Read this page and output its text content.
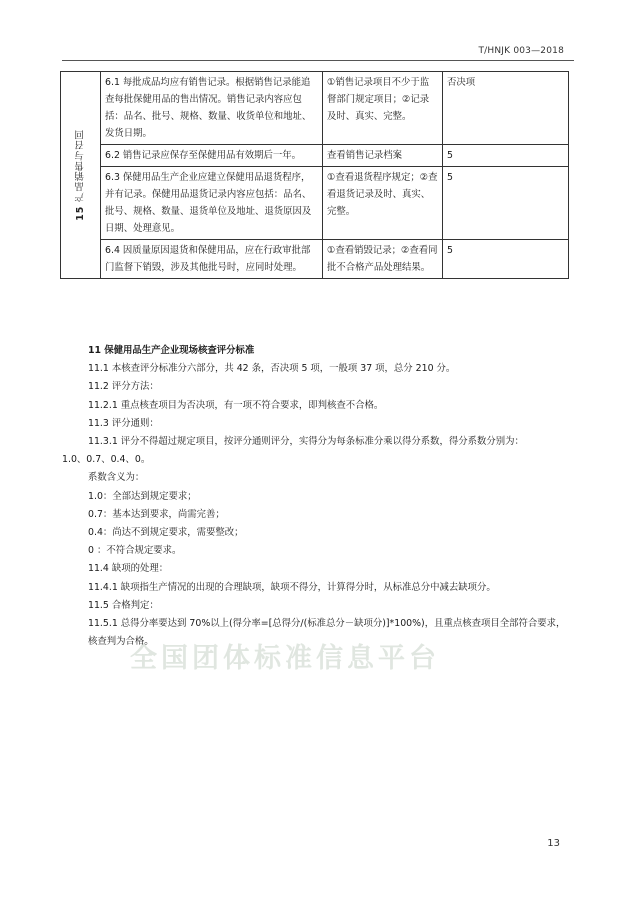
T/HNJK 003—2018
15 产品销售与召回	6.1 每批成品均应有销售记录。根据销售记录能追查每批保健用品的售出情况。销售记录内容应包括：品名、批号、规格、数量、收货单位和地址、发货日期。	①销售记录项目不少于监督部门规定项目；②记录及时、真实、完整。	否决项
	6.2 销售记录应保存至保健用品有效期后一年。	查看销售记录档案	5
	6.3 保健用品生产企业应建立保健用品退货程序，并有记录。保健用品退货记录内容应包括：品名、批号、规格、数量、退货单位及地址、退货原因及日期、处理意见。	①查看退货程序规定；②查看退货记录及时、真实、完整。	5
	6.4 因质量原因退货和保健用品，应在行政审批部门监督下销毁，涉及其他批号时，应同时处理。	①查看销毁记录；②查看同批不合格产品处理结果。	5
全国团体标准信息平台

11 保健用品生产企业现场核查评分标准

11.1 本核查评分标准分六部分，共 42 条，否决项 5 项，一般项 37 项，总分 210 分。

11.2 评分方法：

11.2.1 重点核查项目为否决项，有一项不符合要求，即判核查不合格。

11.3 评分通则：

11.3.1 评分不得超过规定项目，按评分通则评分，实得分为每条标准分乘以得分系数，得分系数分别为：

1.0、0.7、0.4、0。

系数含义为：

1.0：全部达到规定要求；

0.7：基本达到要求，尚需完善；

0.4：尚达不到规定要求，需要整改；

0 ：不符合规定要求。

11.4 缺项的处理：

11.4.1 缺项指生产情况的出现的合理缺项，缺项不得分，计算得分时，从标准总分中减去缺项分。

11.5 合格判定：

11.5.1 总得分率要达到 70%以上(得分率=[总得分/(标准总分－缺项分)]*100%)，且重点核查项目全部符合要求，核查判为合格。

13
